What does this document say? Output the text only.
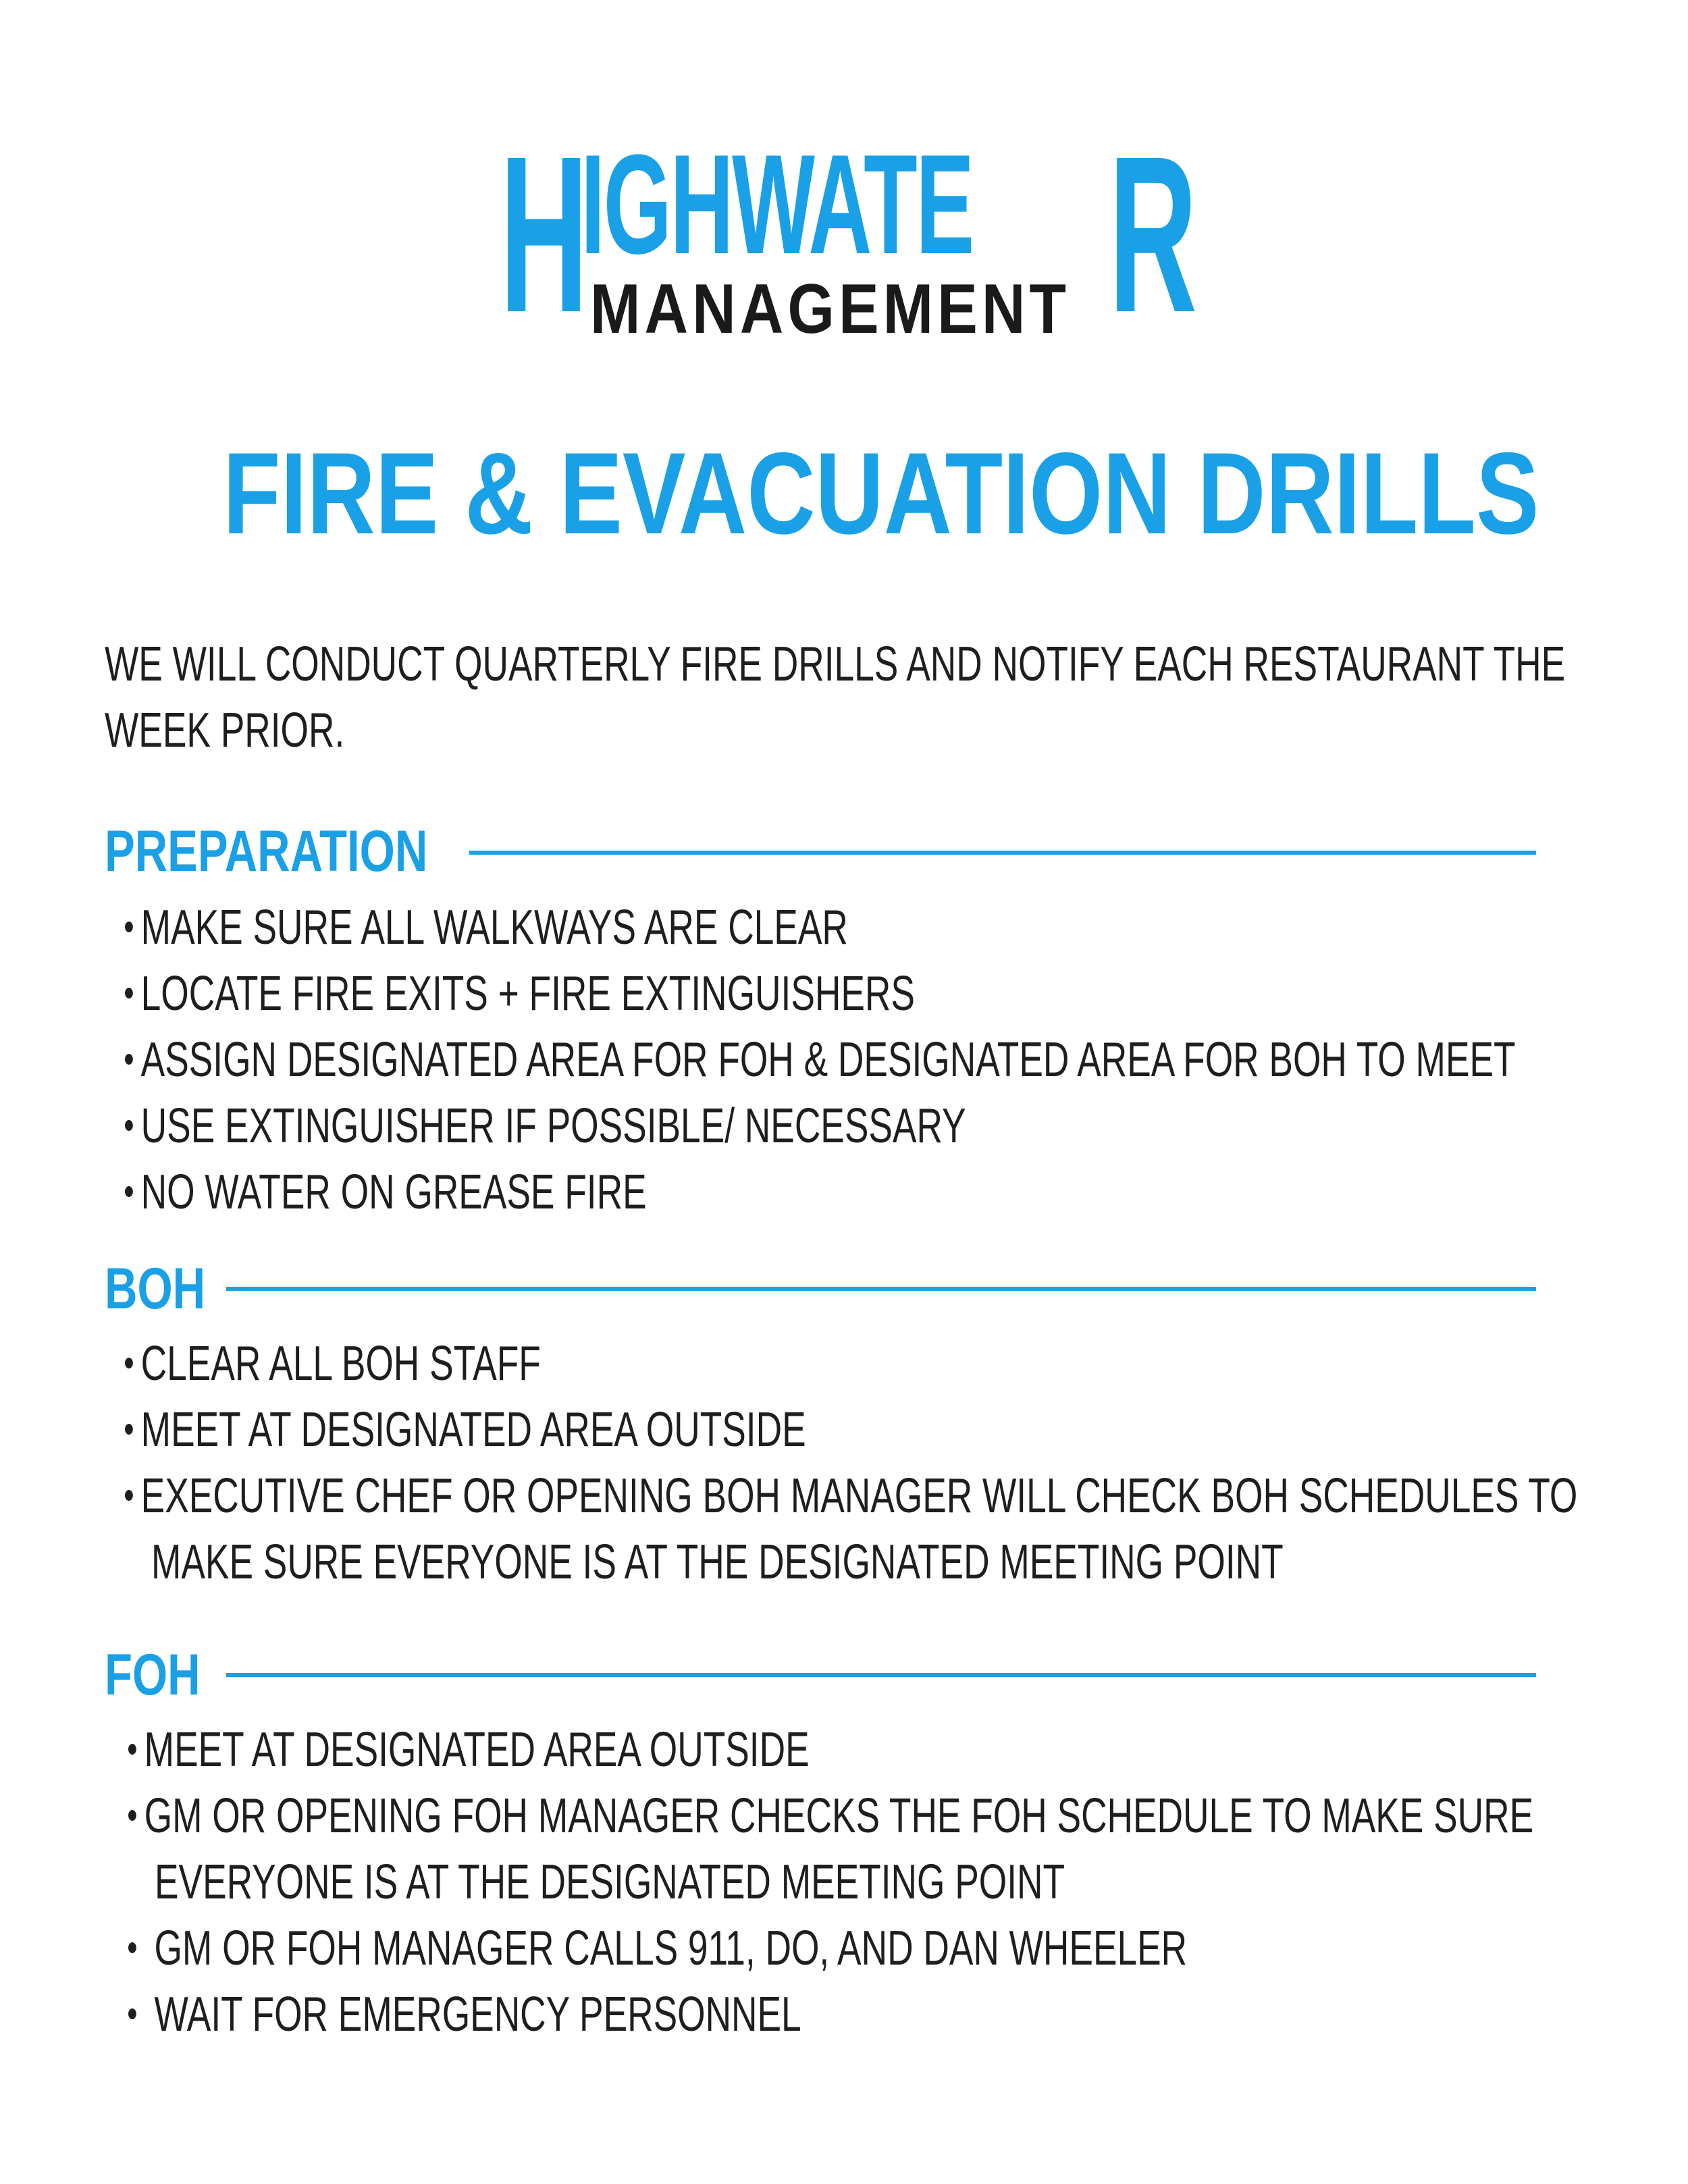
H
IGHWATE R
MANAGEMENT
FIRE & EVACUATION DRILLS
WE WILL CONDUCT QUARTERLY FIRE DRILLS AND NOTIFY EACH RESTAURANT THE
WEEK PRIOR.
PREPARATION
MAKE SURE ALL WALKWAYS ARE CLEAR
LOCATE FIRE EXITS + FIRE EXTINGUISHERS
ASSIGN DESIGNATED AREA FOR FOH & DESIGNATED AREA FOR BOH TO MEET
USE EXTINGUISHER IF POSSIBLE/ NECESSARY
NO WATER ON GREASE FIRE
BOH
CLEAR ALL BOH STAFF
MEET AT DESIGNATED AREA OUTSIDE
EXECUTIVE CHEF OR OPENING BOH MANAGER WILL CHECK BOH SCHEDULES TO
MAKE SURE EVERYONE IS AT THE DESIGNATED MEETING POINT
FOH
MEET AT DESIGNATED AREA OUTSIDE
GM OR OPENING FOH MANAGER CHECKS THE FOH SCHEDULE TO MAKE SURE
EVERYONE IS AT THE DESIGNATED MEETING POINT
GM OR FOH MANAGER CALLS 911, DO, AND DAN WHEELER
WAIT FOR EMERGENCY PERSONNEL
